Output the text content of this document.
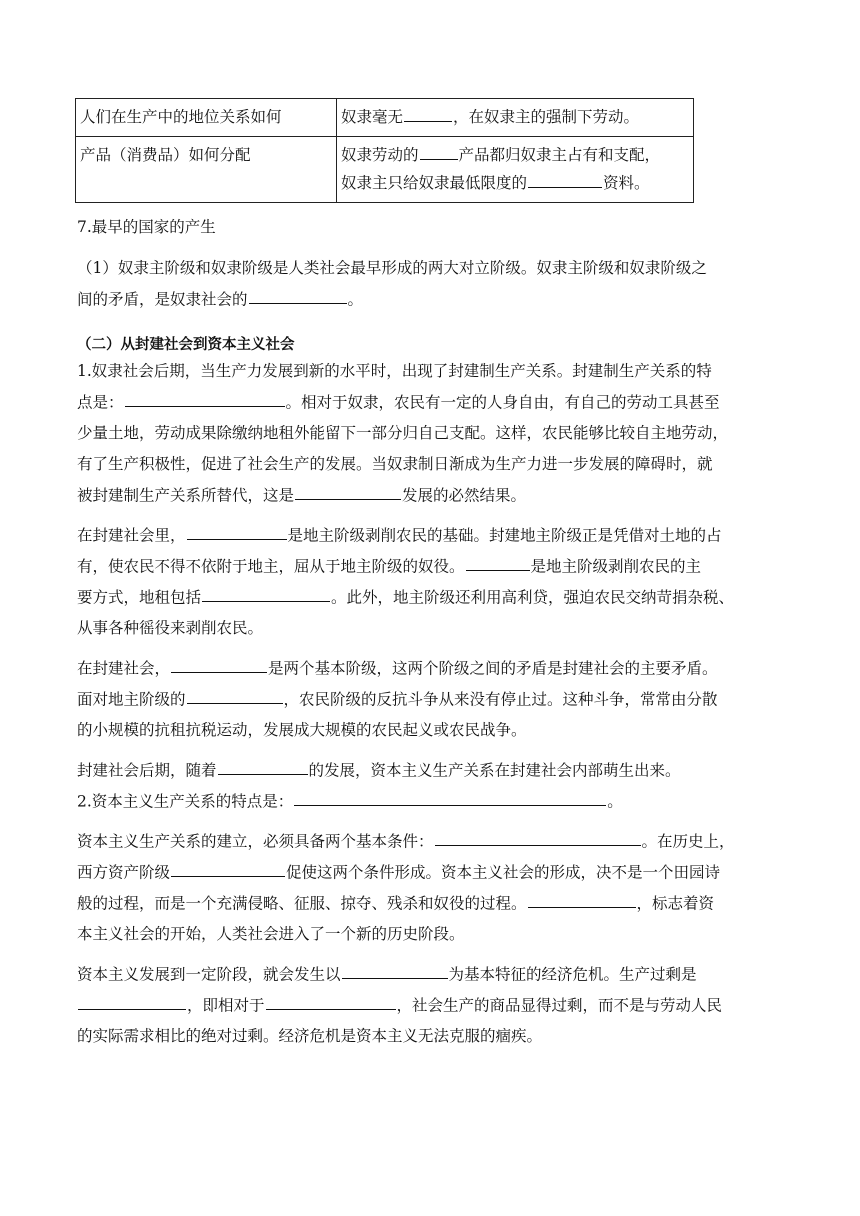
人们在生产中的地位关系如何	奴隶毫无 ，在奴隶主的强制下劳动。
产品（消费品）如何分配	奴隶劳动的 产品都归奴隶主占有和支配，
奴隶主只给奴隶最低限度的 资料。
7.最早的国家的产生
（1）奴隶主阶级和奴隶阶级是人类社会最早形成的两大对立阶级。奴隶主阶级和奴隶阶级之
间的矛盾，是奴隶社会的	。
（二）从封建社会到资本主义社会
1.奴隶社会后期，当生产力发展到新的水平时，出现了封建制生产关系。封建制生产关系的特
点是：	。相对于奴隶，农民有一定的人身自由，有自己的劳动工具甚至
少量土地，劳动成果除缴纳地租外能留下一部分归自己支配。这样，农民能够比较自主地劳动，
有了生产积极性，促进了社会生产的发展。当奴隶制日渐成为生产力进一步发展的障碍时，就
被封建制生产关系所替代，这是	发展的必然结果。
在封建社会里，	是地主阶级剥削农民的基础。封建地主阶级正是凭借对土地的占
有，使农民不得不依附于地主，屈从于地主阶级的奴役。	是地主阶级剥削农民的主
要方式，地租包括	。此外，地主阶级还利用高利贷，强迫农民交纳苛捐杂税、
从事各种徭役来剥削农民。
在封建社会，	是两个基本阶级，这两个阶级之间的矛盾是封建社会的主要矛盾。
面对地主阶级的	，农民阶级的反抗斗争从来没有停止过。这种斗争，常常由分散
的小规模的抗租抗税运动，发展成大规模的农民起义或农民战争。
封建社会后期，随着	的发展，资本主义生产关系在封建社会内部萌生出来。
2.资本主义生产关系的特点是：	。
资本主义生产关系的建立，必须具备两个基本条件：	。在历史上，
西方资产阶级	促使这两个条件形成。资本主义社会的形成，决不是一个田园诗
般的过程，而是一个充满侵略、征服、掠夺、残杀和奴役的过程。	，标志着资
本主义社会的开始，人类社会进入了一个新的历史阶段。
资本主义发展到一定阶段，就会发生以	为基本特征的经济危机。生产过剩是
，即相对于	，社会生产的商品显得过剩，而不是与劳动人民
的实际需求相比的绝对过剩。经济危机是资本主义无法克服的痼疾。
